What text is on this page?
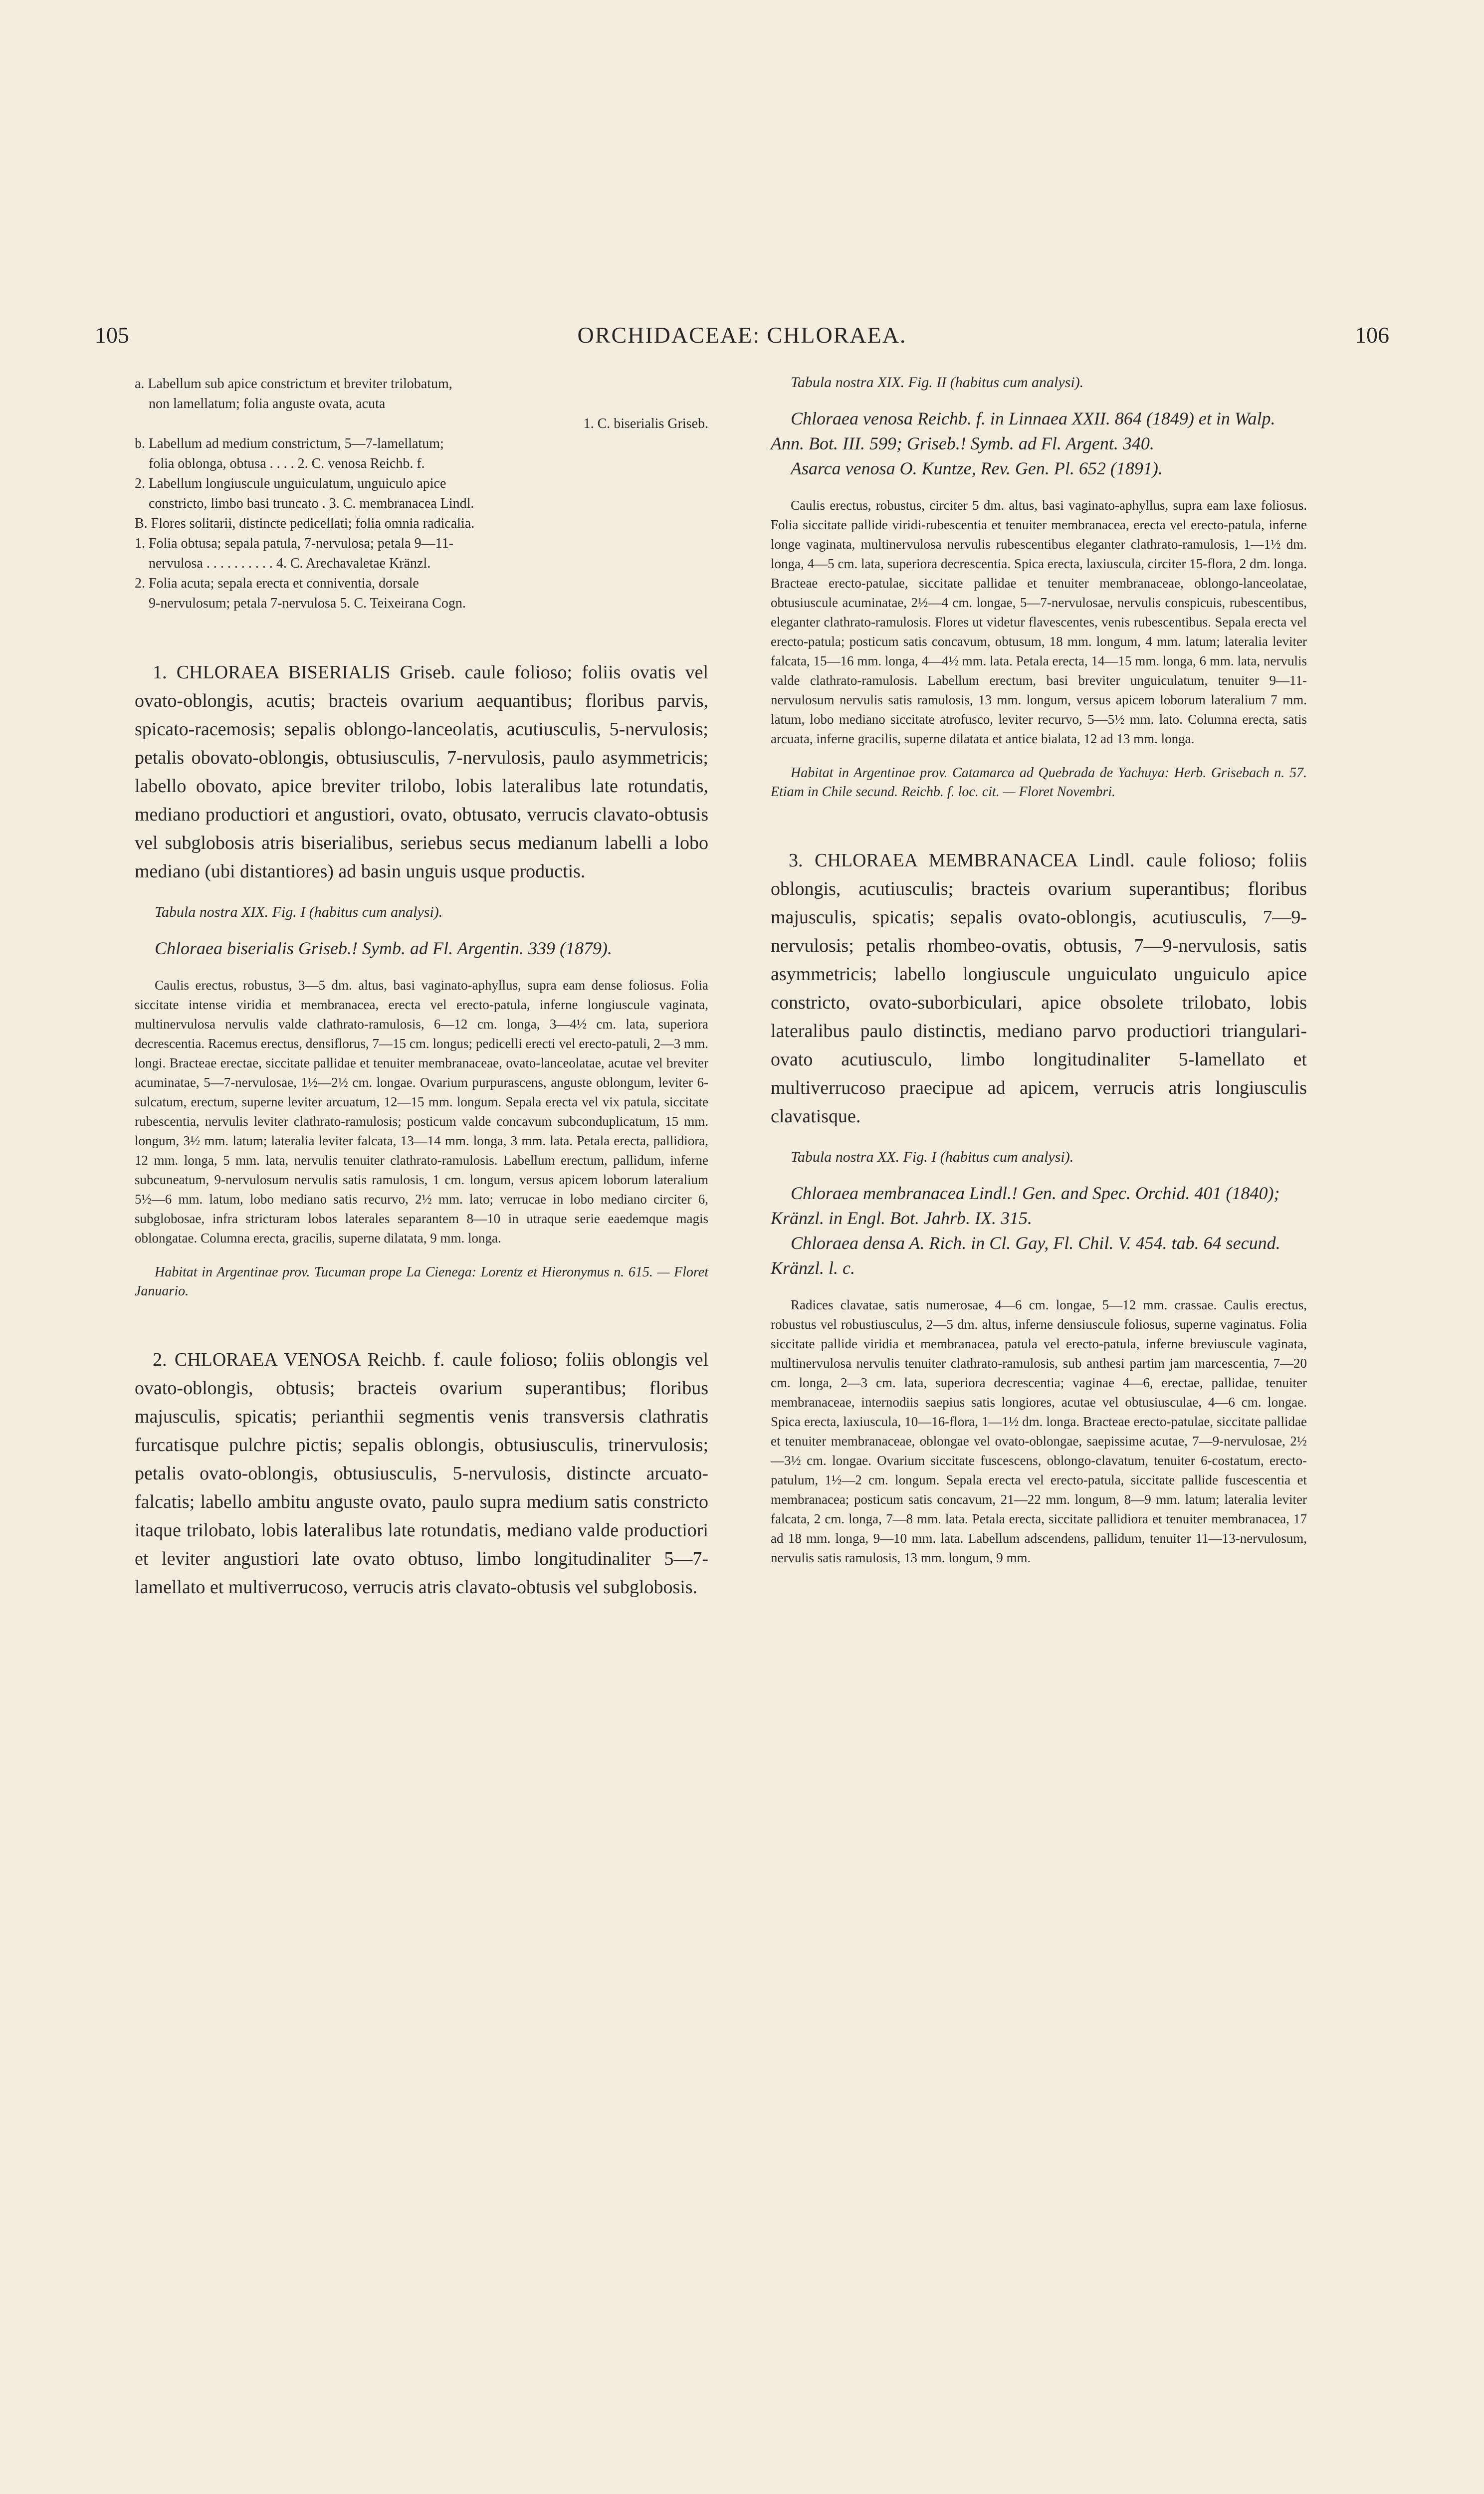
105	ORCHIDACEAE: CHLORAEA.	106
a. Labellum sub apice constrictum et breviter trilobatum,
non lamellatum; folia anguste ovata, acuta
1. C. biserialis Griseb.
b. Labellum ad medium constrictum, 5—7-lamellatum;
folia oblonga, obtusa . . . . 2. C. venosa Reichb. f.
2. Labellum longiuscule unguiculatum, unguiculo apice
constricto, limbo basi truncato . 3. C. membranacea Lindl.
B. Flores solitarii, distincte pedicellati; folia omnia radicalia.
1. Folia obtusa; sepala patula, 7-nervulosa; petala 9—11-
nervulosa . . . . . . . . . . 4. C. Arechavaletae Kränzl.
2. Folia acuta; sepala erecta et conniventia, dorsale
9-nervulosum; petala 7-nervulosa 5. C. Teixeirana Cogn.

1. CHLORAEA BISERIALIS Griseb. caule folioso; foliis ovatis vel ovato-oblongis, acutis; bracteis ovarium aequantibus; floribus parvis, spicato-racemosis; sepalis oblongo-lanceolatis, acutiusculis, 5-nervulosis; petalis obovato-oblongis, obtusiusculis, 7-nervulosis, paulo asymmetricis; labello obovato, apice breviter trilobo, lobis lateralibus late rotundatis, mediano productiori et angustiori, ovato, obtusato, verrucis clavato-obtusis vel subglobosis atris biserialibus, seriebus secus medianum labelli a lobo mediano (ubi distantiores) ad basin unguis usque productis.

Tabula nostra XIX. Fig. I (habitus cum analysi).

Chloraea biserialis Griseb.! Symb. ad Fl. Argentin. 339 (1879).

Caulis erectus, robustus, 3—5 dm. altus, basi vaginato-aphyllus, supra eam dense foliosus. Folia siccitate intense viridia et membranacea, erecta vel erecto-patula, inferne longiuscule vaginata, multinervulosa nervulis valde clathrato-ramulosis, 6—12 cm. longa, 3—4½ cm. lata, superiora decrescentia. Racemus erectus, densiflorus, 7—15 cm. longus; pedicelli erecti vel erecto-patuli, 2—3 mm. longi. Bracteae erectae, siccitate pallidae et tenuiter membranaceae, ovato-lanceolatae, acutae vel breviter acuminatae, 5—7-nervulosae, 1½—2½ cm. longae. Ovarium purpurascens, anguste oblongum, leviter 6-sulcatum, erectum, superne leviter arcuatum, 12—15 mm. longum. Sepala erecta vel vix patula, siccitate rubescentia, nervulis leviter clathrato-ramulosis; posticum valde concavum subconduplicatum, 15 mm. longum, 3½ mm. latum; lateralia leviter falcata, 13—14 mm. longa, 3 mm. lata. Petala erecta, pallidiora, 12 mm. longa, 5 mm. lata, nervulis tenuiter clathrato-ramulosis. Labellum erectum, pallidum, inferne subcuneatum, 9-nervulosum nervulis satis ramulosis, 1 cm. longum, versus apicem loborum lateralium 5½—6 mm. latum, lobo mediano satis recurvo, 2½ mm. lato; verrucae in lobo mediano circiter 6, subglobosae, infra stricturam lobos laterales separantem 8—10 in utraque serie eaedemque magis oblongatae. Columna erecta, gracilis, superne dilatata, 9 mm. longa.

Habitat in Argentinae prov. Tucuman prope La Cienega: Lorentz et Hieronymus n. 615. — Floret Januario.

2. CHLORAEA VENOSA Reichb. f. caule folioso; foliis oblongis vel ovato-oblongis, obtusis; bracteis ovarium superantibus; floribus majusculis, spicatis; perianthii segmentis venis transversis clathratis furcatisque pulchre pictis; sepalis oblongis, obtusiusculis, trinervulosis; petalis ovato-oblongis, obtusiusculis, 5-nervulosis, distincte arcuato-falcatis; labello ambitu anguste ovato, paulo supra medium satis constricto itaque trilobato, lobis lateralibus late rotundatis, mediano valde productiori et leviter angustiori late ovato obtuso, limbo longitudinaliter 5—7-lamellato et multiverrucoso, verrucis atris clavato-obtusis vel subglobosis.

Tabula nostra XIX. Fig. II (habitus cum analysi).

Chloraea venosa Reichb. f. in Linnaea XXII. 864 (1849) et in Walp. Ann. Bot. III. 599; Griseb.! Symb. ad Fl. Argent. 340.

Asarca venosa O. Kuntze, Rev. Gen. Pl. 652 (1891).

Caulis erectus, robustus, circiter 5 dm. altus, basi vaginato-aphyllus, supra eam laxe foliosus. Folia siccitate pallide viridi-rubescentia et tenuiter membranacea, erecta vel erecto-patula, inferne longe vaginata, multinervulosa nervulis rubescentibus eleganter clathrato-ramulosis, 1—1½ dm. longa, 4—5 cm. lata, superiora decrescentia. Spica erecta, laxiuscula, circiter 15-flora, 2 dm. longa. Bracteae erecto-patulae, siccitate pallidae et tenuiter membranaceae, oblongo-lanceolatae, obtusiuscule acuminatae, 2½—4 cm. longae, 5—7-nervulosae, nervulis conspicuis, rubescentibus, eleganter clathrato-ramulosis. Flores ut videtur flavescentes, venis rubescentibus. Sepala erecta vel erecto-patula; posticum satis concavum, obtusum, 18 mm. longum, 4 mm. latum; lateralia leviter falcata, 15—16 mm. longa, 4—4½ mm. lata. Petala erecta, 14—15 mm. longa, 6 mm. lata, nervulis valde clathrato-ramulosis. Labellum erectum, basi breviter unguiculatum, tenuiter 9—11-nervulosum nervulis satis ramulosis, 13 mm. longum, versus apicem loborum lateralium 7 mm. latum, lobo mediano siccitate atrofusco, leviter recurvo, 5—5½ mm. lato. Columna erecta, satis arcuata, inferne gracilis, superne dilatata et antice bialata, 12 ad 13 mm. longa.

Habitat in Argentinae prov. Catamarca ad Quebrada de Yachuya: Herb. Grisebach n. 57. Etiam in Chile secund. Reichb. f. loc. cit. — Floret Novembri.

3. CHLORAEA MEMBRANACEA Lindl. caule folioso; foliis oblongis, acutiusculis; bracteis ovarium superantibus; floribus majusculis, spicatis; sepalis ovato-oblongis, acutiusculis, 7—9-nervulosis; petalis rhombeo-ovatis, obtusis, 7—9-nervulosis, satis asymmetricis; labello longiuscule unguiculato unguiculo apice constricto, ovato-suborbiculari, apice obsolete trilobato, lobis lateralibus paulo distinctis, mediano parvo productiori triangulari-ovato acutiusculo, limbo longitudinaliter 5-lamellato et multiverrucoso praecipue ad apicem, verrucis atris longiusculis clavatisque.

Tabula nostra XX. Fig. I (habitus cum analysi).

Chloraea membranacea Lindl.! Gen. and Spec. Orchid. 401 (1840); Kränzl. in Engl. Bot. Jahrb. IX. 315.

Chloraea densa A. Rich. in Cl. Gay, Fl. Chil. V. 454. tab. 64 secund. Kränzl. l. c.

Radices clavatae, satis numerosae, 4—6 cm. longae, 5—12 mm. crassae. Caulis erectus, robustus vel robustiusculus, 2—5 dm. altus, inferne densiuscule foliosus, superne vaginatus. Folia siccitate pallide viridia et membranacea, patula vel erecto-patula, inferne breviuscule vaginata, multinervulosa nervulis tenuiter clathrato-ramulosis, sub anthesi partim jam marcescentia, 7—20 cm. longa, 2—3 cm. lata, superiora decrescentia; vaginae 4—6, erectae, pallidae, tenuiter membranaceae, internodiis saepius satis longiores, acutae vel obtusiusculae, 4—6 cm. longae. Spica erecta, laxiuscula, 10—16-flora, 1—1½ dm. longa. Bracteae erecto-patulae, siccitate pallidae et tenuiter membranaceae, oblongae vel ovato-oblongae, saepissime acutae, 7—9-nervulosae, 2½—3½ cm. longae. Ovarium siccitate fuscescens, oblongo-clavatum, tenuiter 6-costatum, erecto-patulum, 1½—2 cm. longum. Sepala erecta vel erecto-patula, siccitate pallide fuscescentia et membranacea; posticum satis concavum, 21—22 mm. longum, 8—9 mm. latum; lateralia leviter falcata, 2 cm. longa, 7—8 mm. lata. Petala erecta, siccitate pallidiora et tenuiter membranacea, 17 ad 18 mm. longa, 9—10 mm. lata. Labellum adscendens, pallidum, tenuiter 11—13-nervulosum, nervulis satis ramulosis, 13 mm. longum, 9 mm.
